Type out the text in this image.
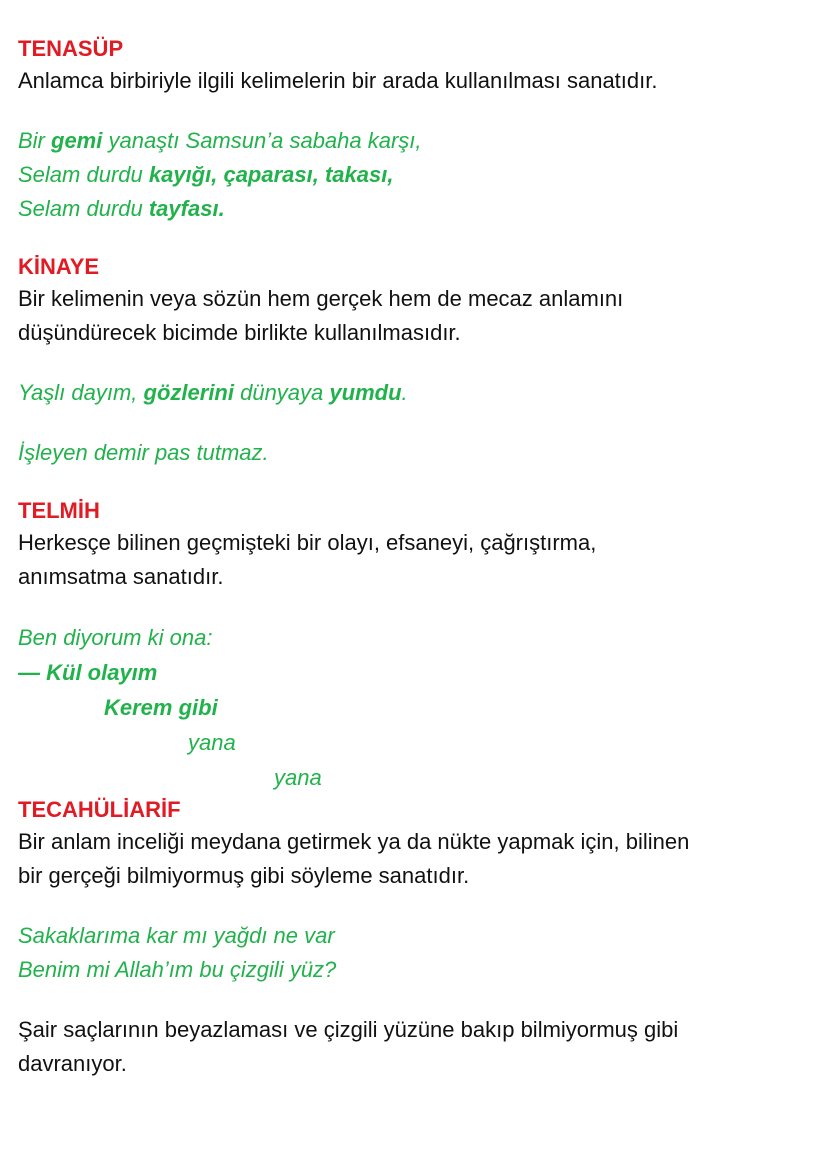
TENASÜP

Anlamca birbiriyle ilgili kelimelerin bir arada kullanılması sanatıdır.

Bir gemi yanaştı Samsun’a sabaha karşı,

Selam durdu kayığı, çaparası, takası,

Selam durdu tayfası.

KİNAYE

Bir kelimenin veya sözün hem gerçek hem de mecaz anlamını

düşündürecek bicimde birlikte kullanılmasıdır.

Yaşlı dayım, gözlerini dünyaya yumdu.

İşleyen demir pas tutmaz.

TELMİH

Herkesçe bilinen geçmişteki bir olayı, efsaneyi, çağrıştırma,

anımsatma sanatıdır.

Ben diyorum ki ona:

— Kül olayım

Kerem gibi

yana

yana

TECAHÜLİARİF

Bir anlam inceliği meydana getirmek ya da nükte yapmak için, bilinen

bir gerçeği bilmiyormuş gibi söyleme sanatıdır.

Sakaklarıma kar mı yağdı ne var

Benim mi Allah’ım bu çizgili yüz?

Şair saçlarının beyazlaması ve çizgili yüzüne bakıp bilmiyormuş gibi

davranıyor.
